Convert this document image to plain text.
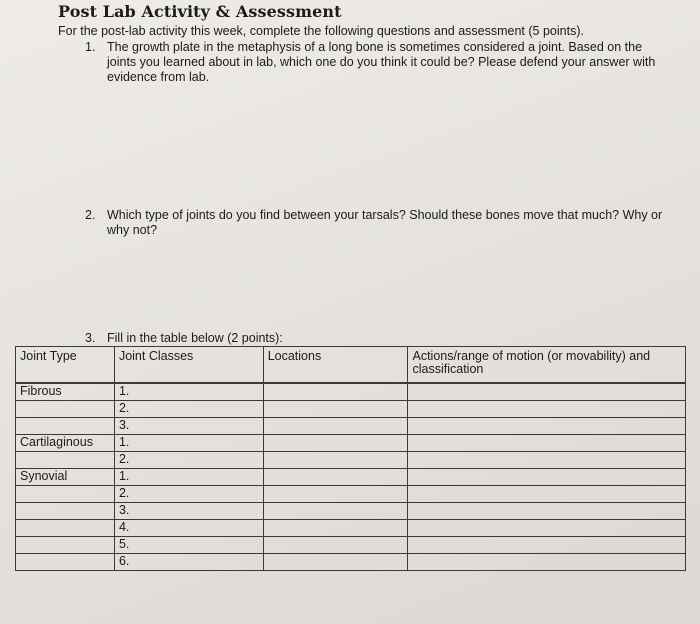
Post Lab Activity & Assessment
For the post-lab activity this week, complete the following questions and assessment (5 points).
1. The growth plate in the metaphysis of a long bone is sometimes considered a joint. Based on the joints you learned about in lab, which one do you think it could be? Please defend your answer with evidence from lab.
2. Which type of joints do you find between your tarsals? Should these bones move that much? Why or why not?
3. Fill in the table below (2 points):
Joint Type	Joint Classes	Locations	Actions/range of motion (or movability) and classification
Fibrous	1.		
	2.		
	3.		
Cartilaginous	1.		
	2.		
Synovial	1.		
	2.		
	3.		
	4.		
	5.		
	6.		
